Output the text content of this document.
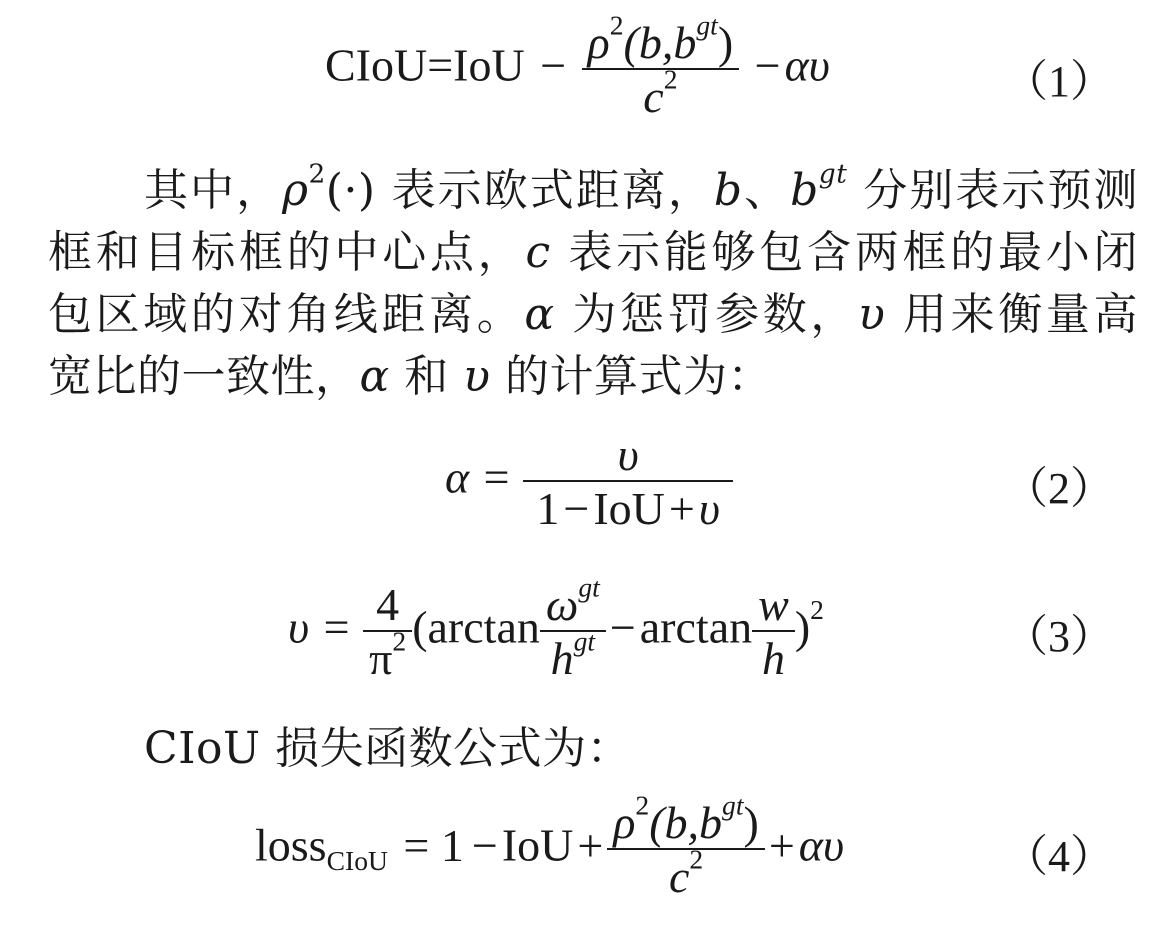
CIoU=IoU − $\frac{\rho^2(b,b^{gt})}{c^2} -\alpha\upsilon$	（1）
其中，$\rho^2(\cdot)$ 表示欧式距离，b、$b^{gt}$ 分别表示预测
框和目标框的中心点，c 表示能够包含两框的最小闭
包区域的对角线距离。α 为惩罚参数，υ 用来衡量高
宽比的一致性，α 和 υ 的计算式为：
$\alpha = \frac{\upsilon}{\text{1−IoU+υ}}$	（2）
$\upsilon = \frac{4}{\pi^2} (\arctan \frac{\omega^{gt}}{h^{gt}} -\arctan \frac{w}{h} )^2$
（3）
CIoU 损失函数公式为：
loss$_{CIoU}$ = $1 -IoU+ \frac{\rho^2(b,b^{gt})}{c^2} +\alpha\upsilon$	（4）
